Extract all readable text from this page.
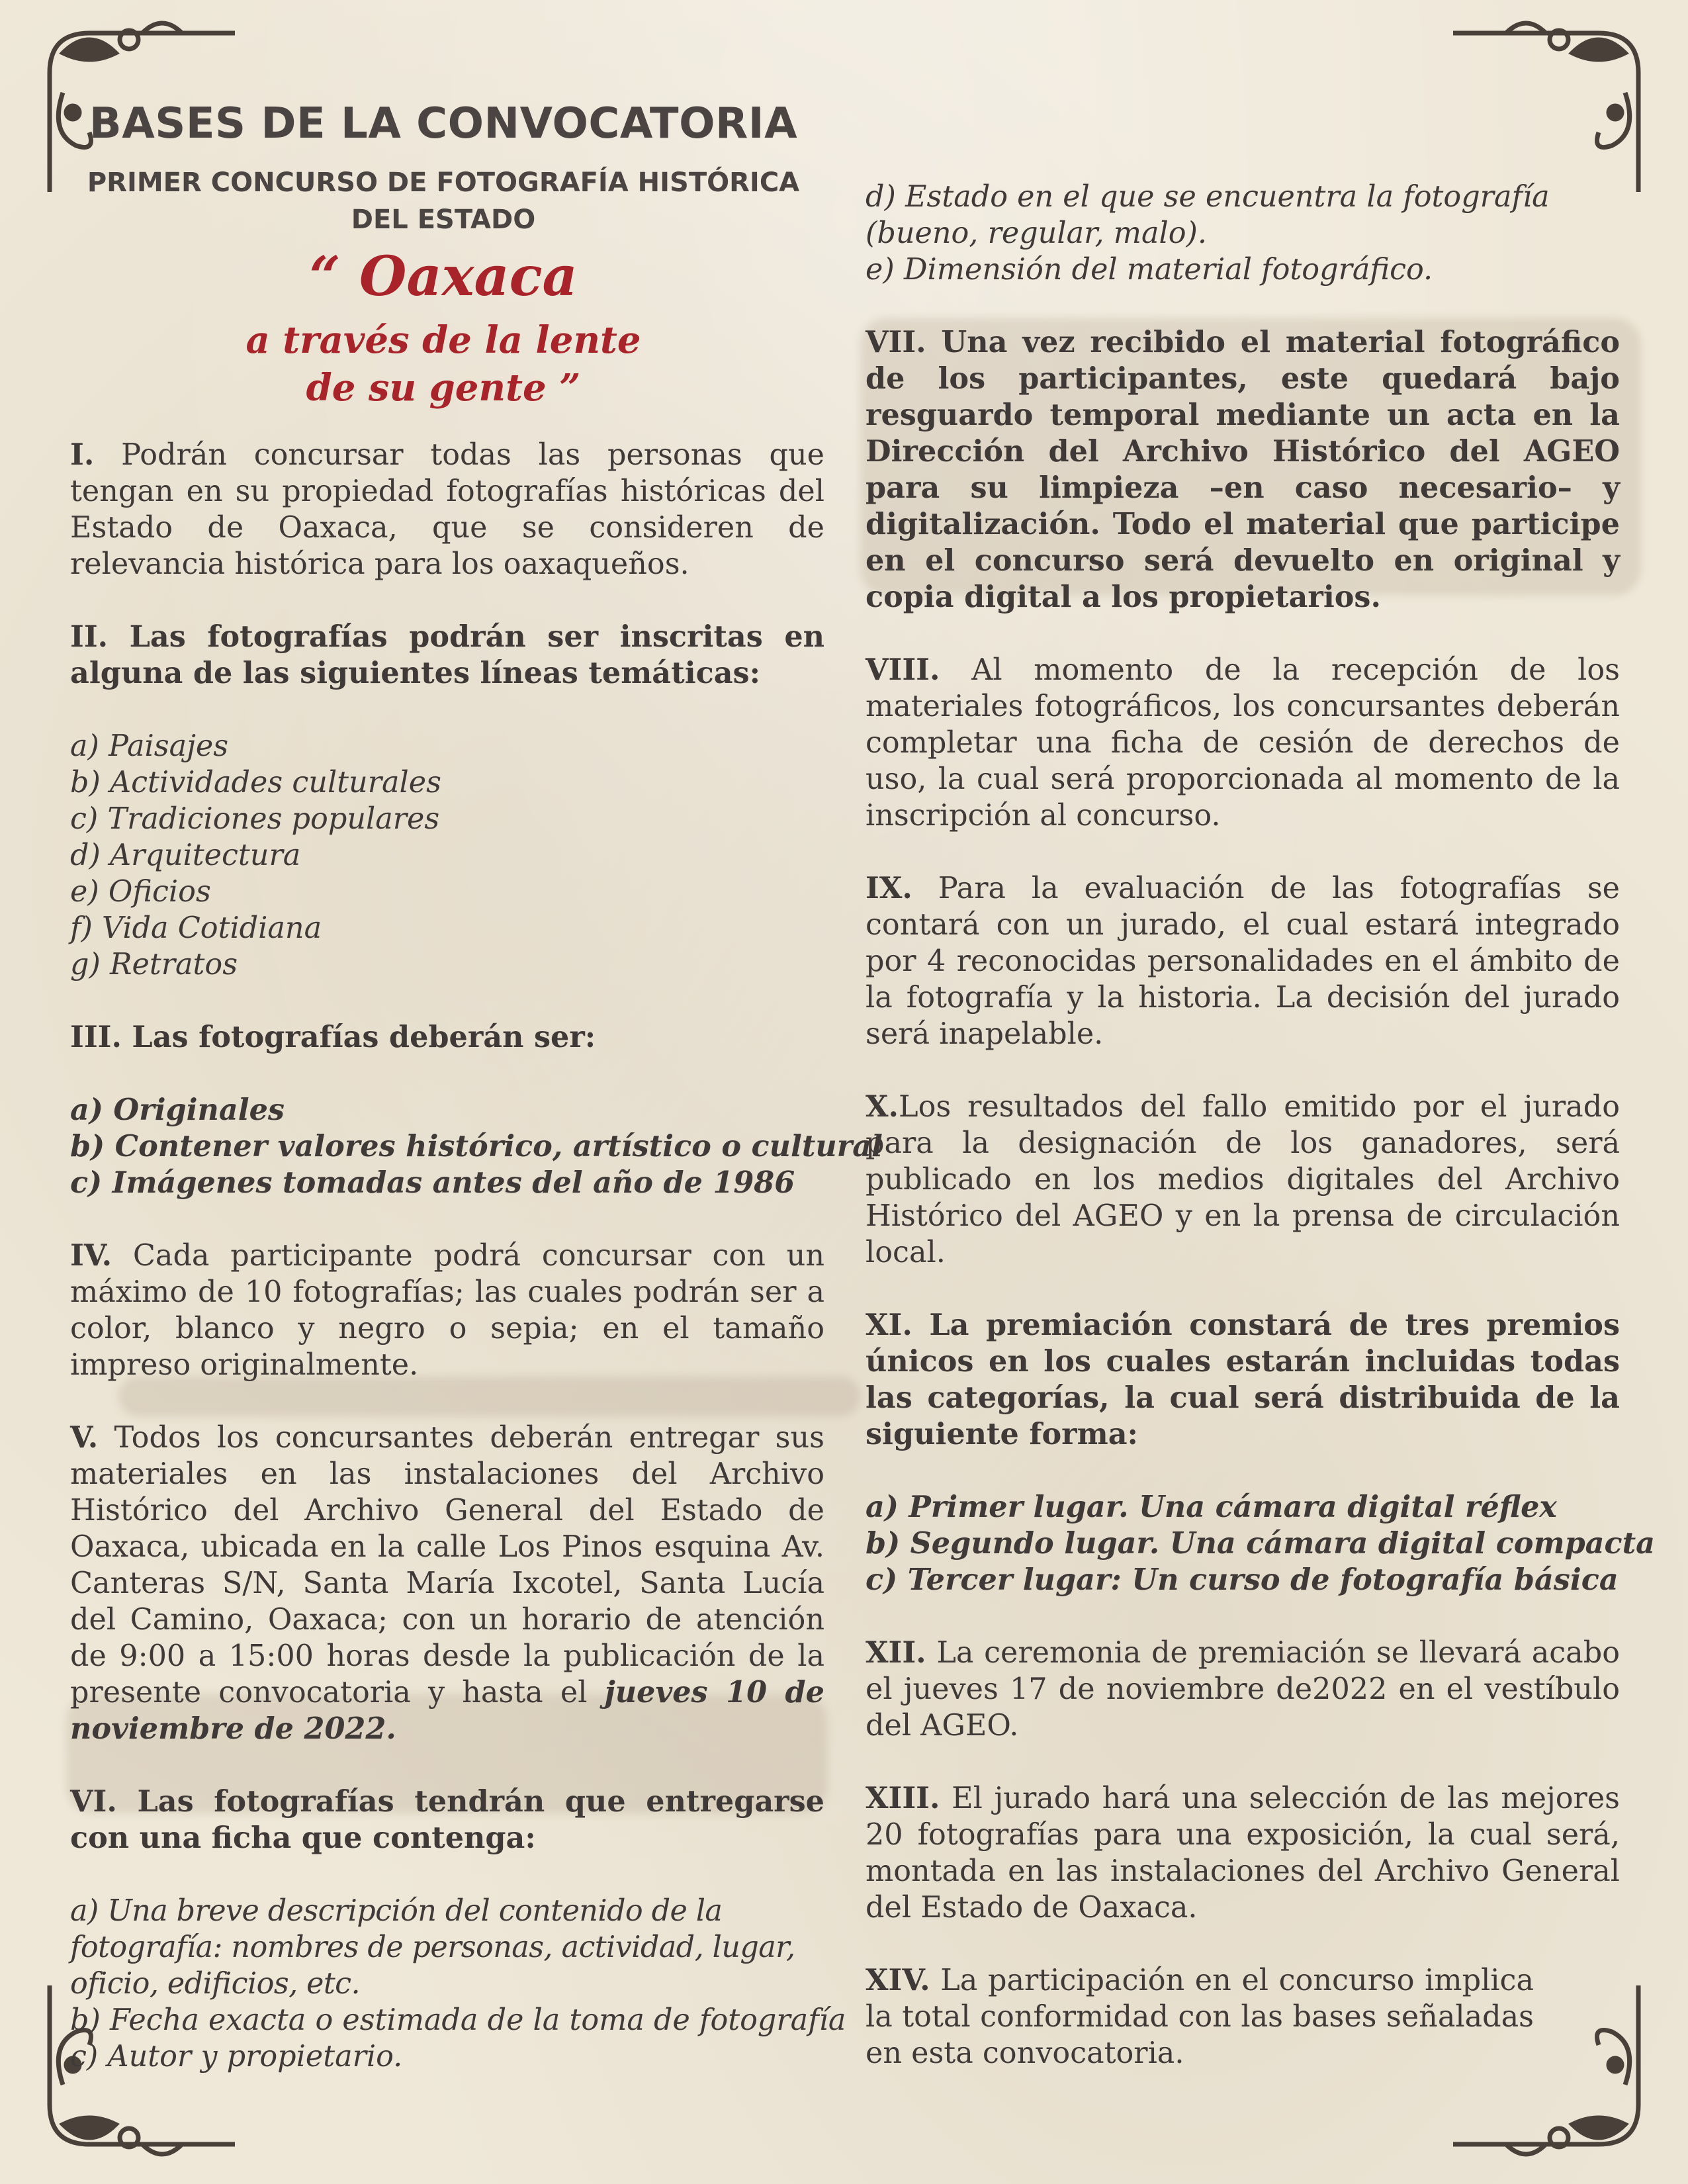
BASES DE LA CONVOCATORIA
PRIMER CONCURSO DE FOTOGRAFÍA HISTÓRICA
DEL ESTADO
“ Oaxaca
a través de la lente
de su gente ”
I. Podrán concursar todas las personas que tengan en su propiedad fotografías históricas del Estado de Oaxaca, que se consideren de relevancia histórica para los oaxaqueños.
II. Las fotografías podrán ser inscritas en alguna de las siguientes líneas temáticas:
a) Paisajes
b) Actividades culturales
c) Tradiciones populares
d) Arquitectura
e) Oficios
f) Vida Cotidiana
g) Retratos
III. Las fotografías deberán ser:
a) Originales
b) Contener valores histórico, artístico o cultural
c) Imágenes tomadas antes del año de 1986
IV. Cada participante podrá concursar con un máximo de 10 fotografías; las cuales podrán ser a color, blanco y negro o sepia; en el tamaño impreso originalmente.
V. Todos los concursantes deberán entregar sus materiales en las instalaciones del Archivo Histórico del Archivo General del Estado de Oaxaca, ubicada en la calle Los Pinos esquina Av. Canteras S/N, Santa María Ixcotel, Santa Lucía del Camino, Oaxaca; con un horario de atención de 9:00 a 15:00 horas desde la publicación de la presente convocatoria y hasta el jueves 10 de noviembre de 2022.
VI. Las fotografías tendrán que entregarse con una ficha que contenga:
a) Una breve descripción del contenido de la fotografía: nombres de personas, actividad, lugar, oficio, edificios, etc.
b) Fecha exacta o estimada de la toma de fotografía
c) Autor y propietario.
d) Estado en el que se encuentra la fotografía (bueno, regular, malo).
e) Dimensión del material fotográfico.
VII. Una vez recibido el material fotográfico de los participantes, este quedará bajo resguardo temporal mediante un acta en la Dirección del Archivo Histórico del AGEO para su limpieza –en caso necesario– y digitalización. Todo el material que participe en el concurso será devuelto en original y copia digital a los propietarios.
VIII. Al momento de la recepción de los materiales fotográficos, los concursantes deberán completar una ficha de cesión de derechos de uso, la cual será proporcionada al momento de la inscripción al concurso.
IX. Para la evaluación de las fotografías se contará con un jurado, el cual estará integrado por 4 reconocidas personalidades en el ámbito de la fotografía y la historia. La decisión del jurado será inapelable.
X.Los resultados del fallo emitido por el jurado para la designación de los ganadores, será publicado en los medios digitales del Archivo Histórico del AGEO y en la prensa de circulación local.
XI. La premiación constará de tres premios únicos en los cuales estarán incluidas todas las categorías, la cual será distribuida de la siguiente forma:
a) Primer lugar. Una cámara digital réflex
b) Segundo lugar. Una cámara digital compacta
c) Tercer lugar: Un curso de fotografía básica
XII. La ceremonia de premiación se llevará acabo el jueves 17 de noviembre de2022 en el vestíbulo del AGEO.
XIII. El jurado hará una selección de las mejores 20 fotografías para una exposición, la cual será, montada en las instalaciones del Archivo General del Estado de Oaxaca.
XIV. La participación en el concurso implica la total conformidad con las bases señaladas en esta convocatoria.
